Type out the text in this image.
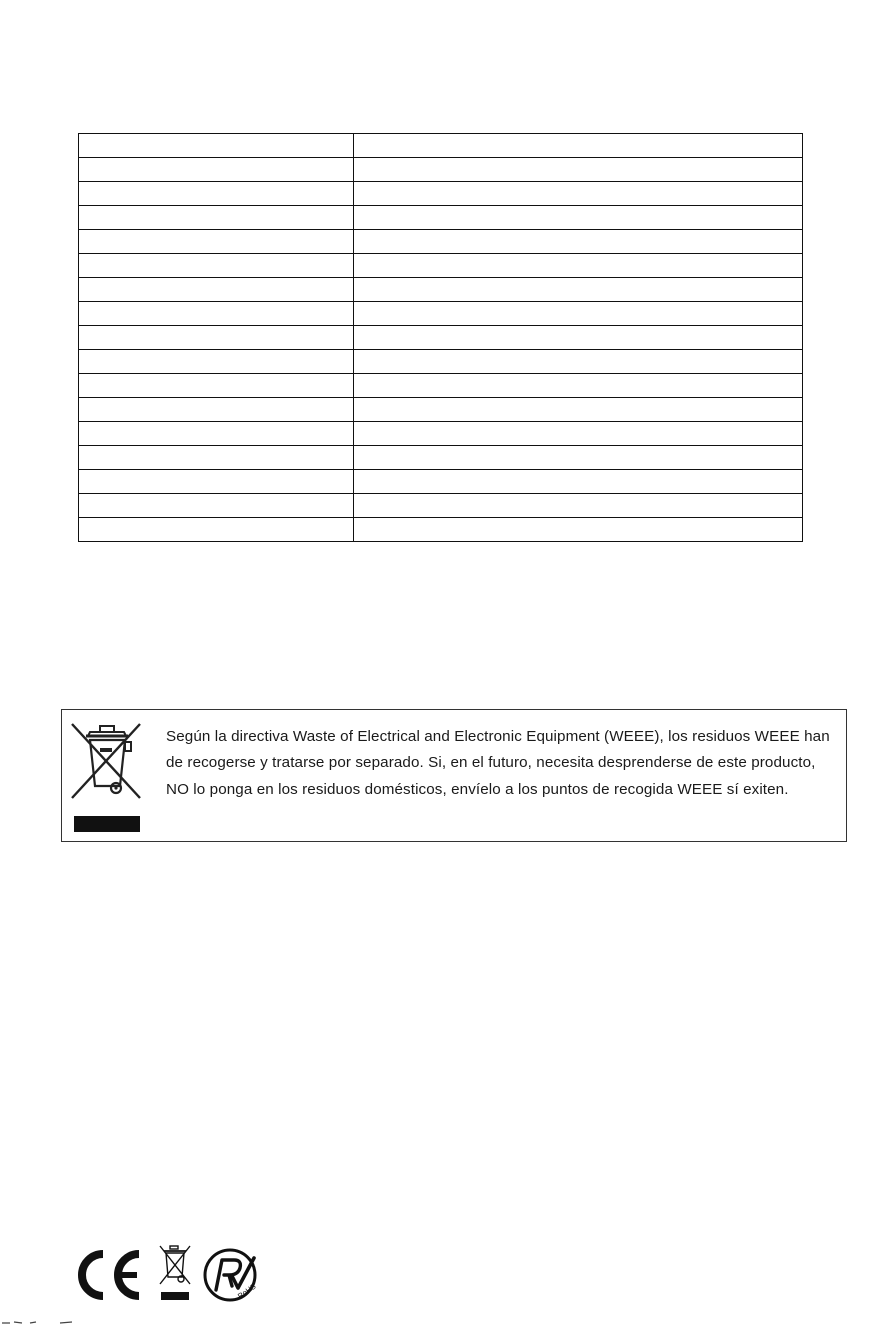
Según la directiva Waste of Electrical and Electronic Equipment (WEEE), los residuos WEEE han de recogerse y tratarse por separado. Si, en el futuro, necesita desprenderse de este producto, NO lo ponga en los residuos domésticos, envíelo a los puntos de recogida WEEE sí exiten.

RoHS
